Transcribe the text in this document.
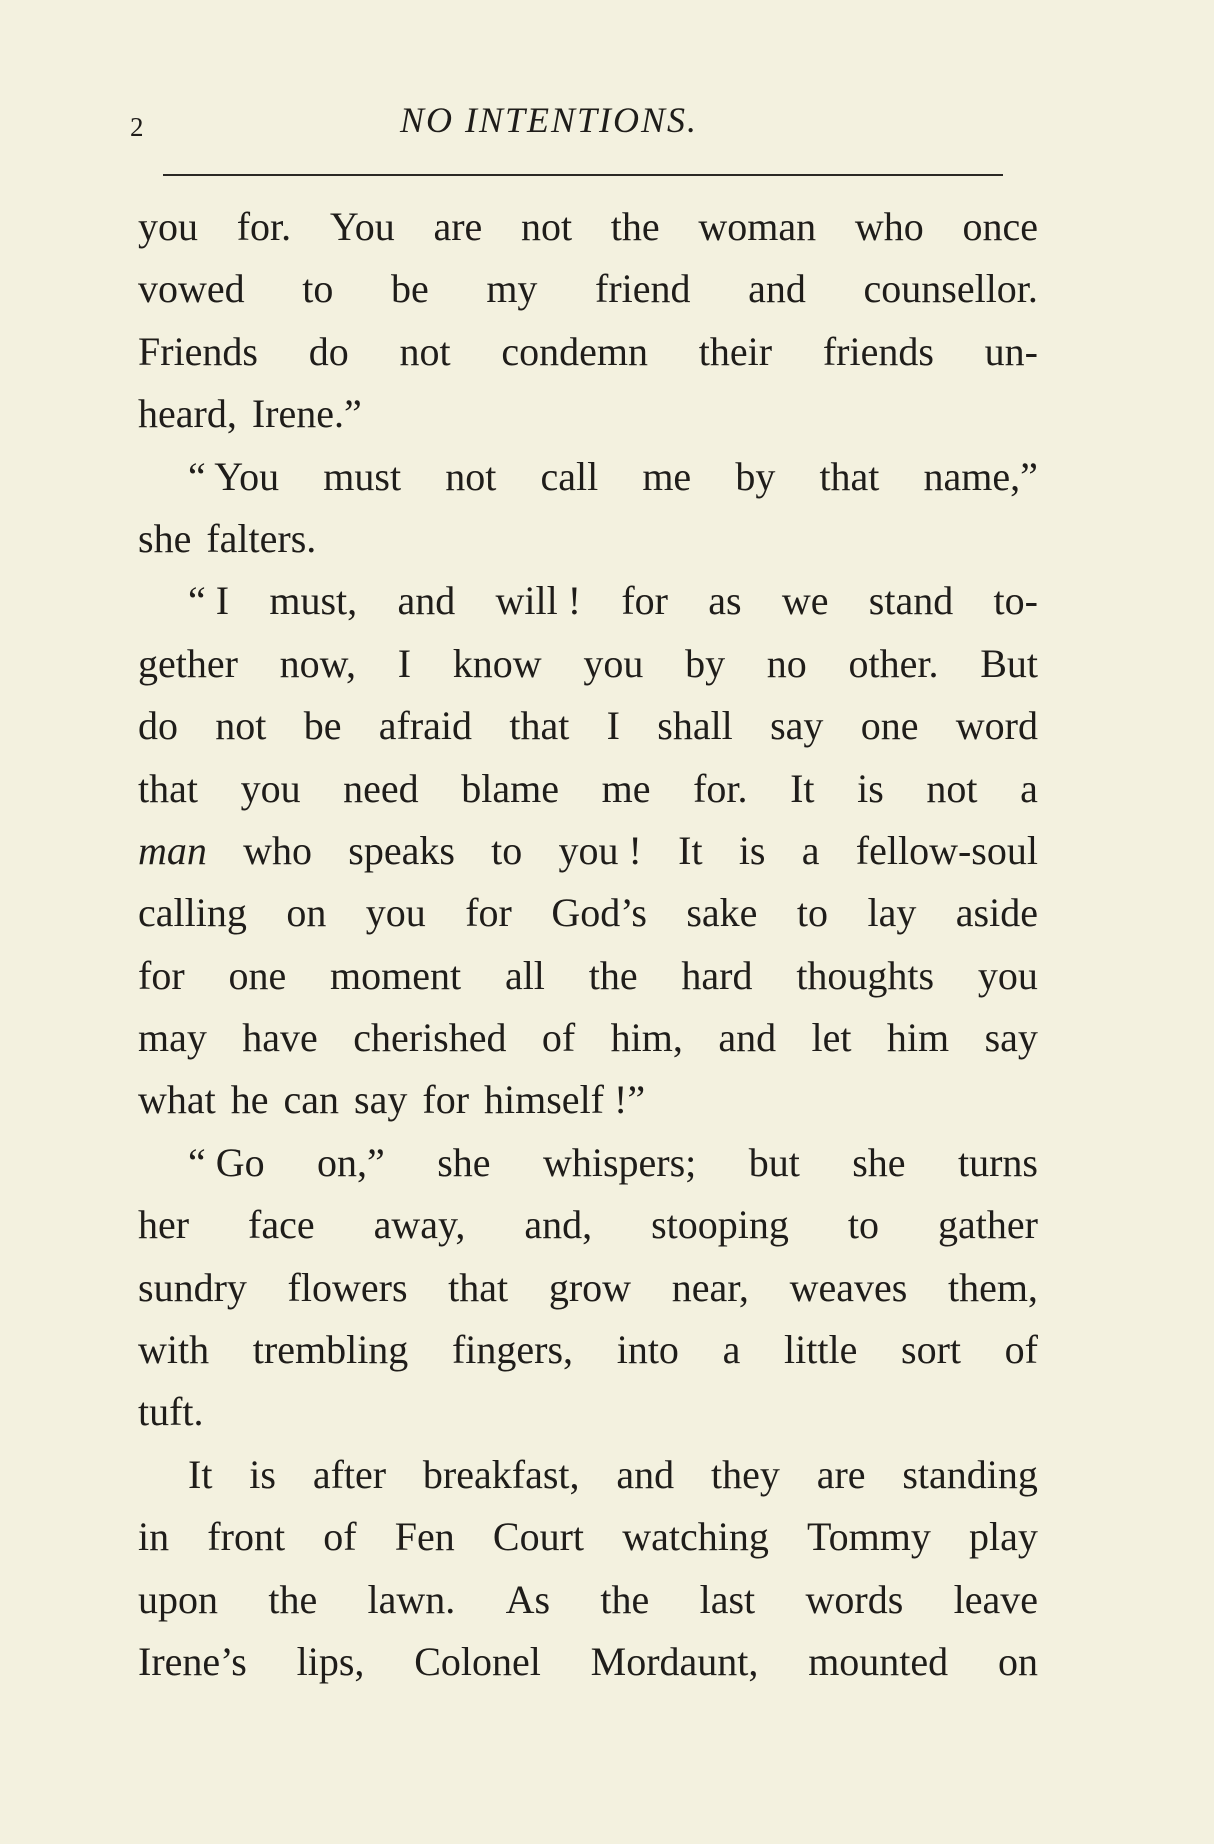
2	NO INTENTIONS.
you for. You are not the woman who once
vowed to be my friend and counsellor.
Friends do not condemn their friends un-
heard, Irene.”
“ You must not call me by that name,”
she falters.
“ I must, and will ! for as we stand to-
gether now, I know you by no other. But
do not be afraid that I shall say one word
that you need blame me for. It is not a
man who speaks to you ! It is a fellow-soul
calling on you for God’s sake to lay aside
for one moment all the hard thoughts you
may have cherished of him, and let him say
what he can say for himself !”
“ Go on,” she whispers; but she turns
her face away, and, stooping to gather
sundry flowers that grow near, weaves them,
with trembling fingers, into a little sort of
tuft.
It is after breakfast, and they are standing
in front of Fen Court watching Tommy play
upon the lawn. As the last words leave
Irene’s lips, Colonel Mordaunt, mounted on
